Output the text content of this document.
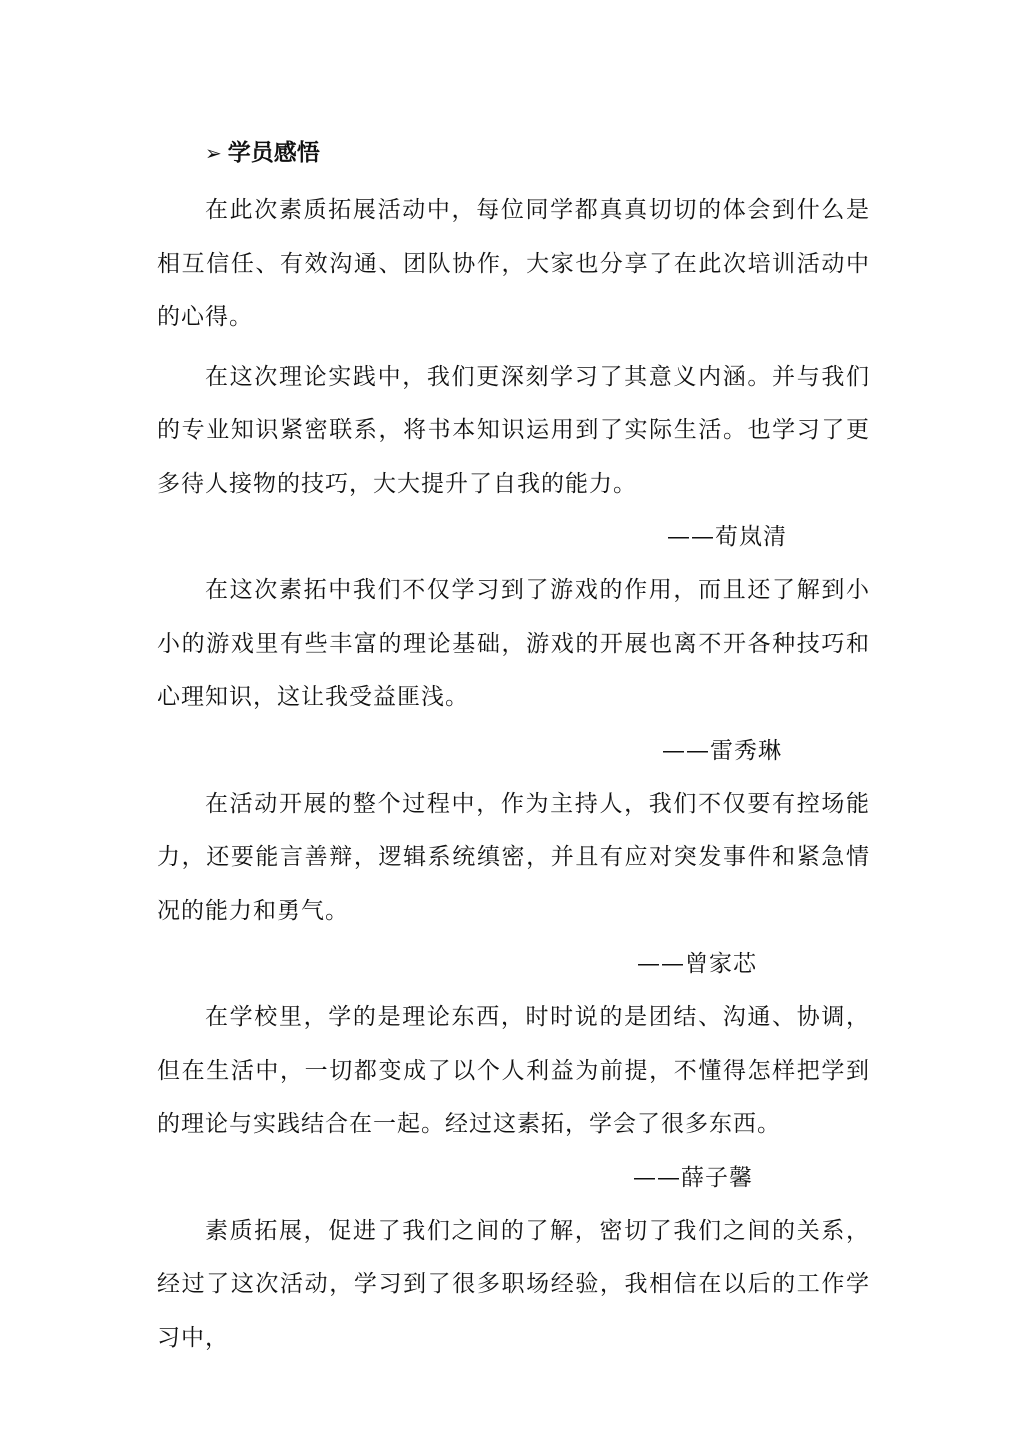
➢ 学员感悟

在此次素质拓展活动中，每位同学都真真切切的体会到什么是相互信任、有效沟通、团队协作，大家也分享了在此次培训活动中的心得。

在这次理论实践中，我们更深刻学习了其意义内涵。并与我们的专业知识紧密联系，将书本知识运用到了实际生活。也学习了更多待人接物的技巧，大大提升了自我的能力。

——荀岚清

在这次素拓中我们不仅学习到了游戏的作用，而且还了解到小小的游戏里有些丰富的理论基础，游戏的开展也离不开各种技巧和心理知识，这让我受益匪浅。

——雷秀琳

在活动开展的整个过程中，作为主持人，我们不仅要有控场能力，还要能言善辩，逻辑系统缜密，并且有应对突发事件和紧急情况的能力和勇气。

——曾家芯

在学校里，学的是理论东西，时时说的是团结、沟通、协调，但在生活中，一切都变成了以个人利益为前提，不懂得怎样把学到的理论与实践结合在一起。经过这素拓，学会了很多东西。

——薛子馨

素质拓展，促进了我们之间的了解，密切了我们之间的关系，经过了这次活动，学习到了很多职场经验，我相信在以后的工作学习中，
